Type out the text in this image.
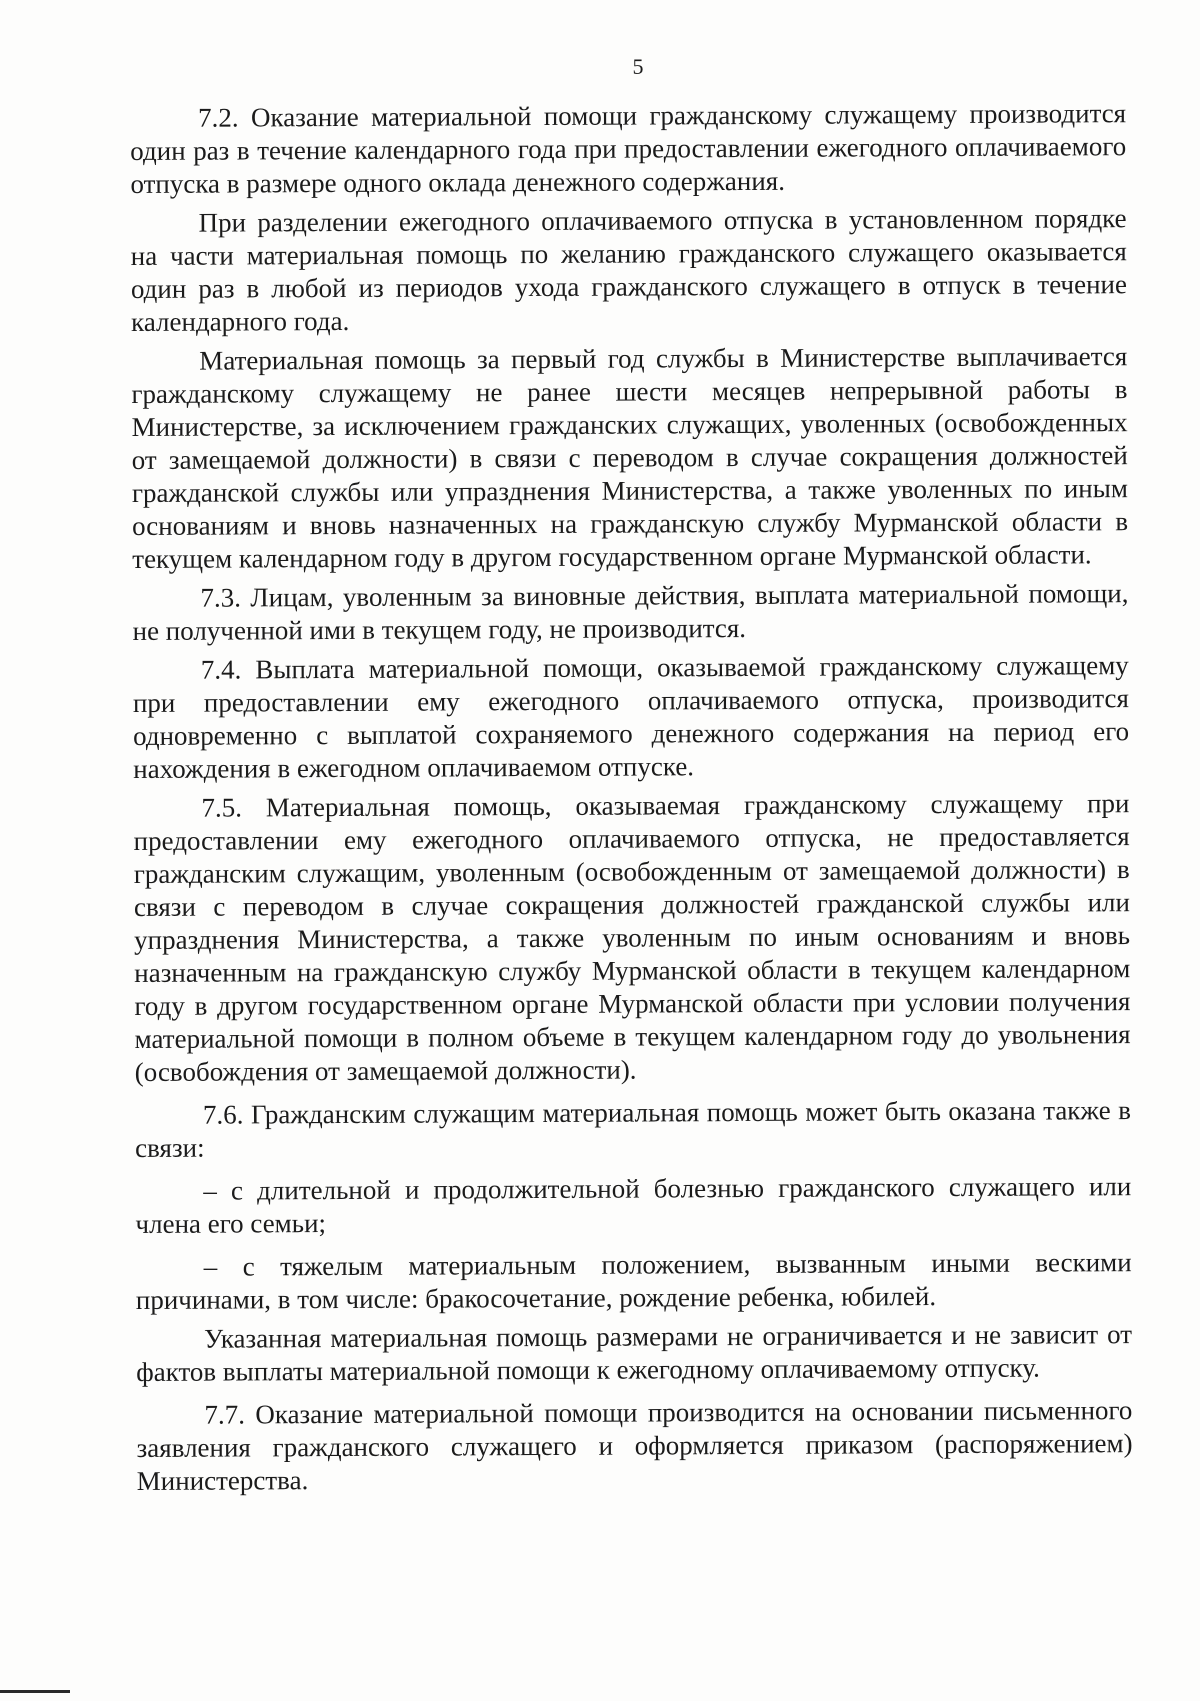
5

7.2. Оказание материальной помощи гражданскому служащему производится один раз в течение календарного года при предоставлении ежегодного оплачиваемого отпуска в размере одного оклада денежного содержания.

При разделении ежегодного оплачиваемого отпуска в установленном порядке на части материальная помощь по желанию гражданского служащего оказывается один раз в любой из периодов ухода гражданского служащего в отпуск в течение календарного года.

Материальная помощь за первый год службы в Министерстве выплачивается гражданскому служащему не ранее шести месяцев непрерывной работы в Министерстве, за исключением гражданских служащих, уволенных (освобожденных от замещаемой должности) в связи с переводом в случае сокращения должностей гражданской службы или упразднения Министерства, а также уволенных по иным основаниям и вновь назначенных на гражданскую службу Мурманской области в текущем календарном году в другом государственном органе Мурманской области.

7.3. Лицам, уволенным за виновные действия, выплата материальной помощи, не полученной ими в текущем году, не производится.

7.4. Выплата материальной помощи, оказываемой гражданскому служащему при предоставлении ему ежегодного оплачиваемого отпуска, производится одновременно с выплатой сохраняемого денежного содержания на период его нахождения в ежегодном оплачиваемом отпуске.

7.5. Материальная помощь, оказываемая гражданскому служащему при предоставлении ему ежегодного оплачиваемого отпуска, не предоставляется гражданским служащим, уволенным (освобожденным от замещаемой должности) в связи с переводом в случае сокращения должностей гражданской службы или упразднения Министерства, а также уволенным по иным основаниям и вновь назначенным на гражданскую службу Мурманской области в текущем календарном году в другом государственном органе Мурманской области при условии получения материальной помощи в полном объеме в текущем календарном году до увольнения (освобождения от замещаемой должности).

7.6. Гражданским служащим материальная помощь может быть оказана также в связи:

– с длительной и продолжительной болезнью гражданского служащего или члена его семьи;

– с тяжелым материальным положением, вызванным иными вескими причинами, в том числе: бракосочетание, рождение ребенка, юбилей.

Указанная материальная помощь размерами не ограничивается и не зависит от фактов выплаты материальной помощи к ежегодному оплачиваемому отпуску.

7.7. Оказание материальной помощи производится на основании письменного заявления гражданского служащего и оформляется приказом (распоряжением) Министерства.
